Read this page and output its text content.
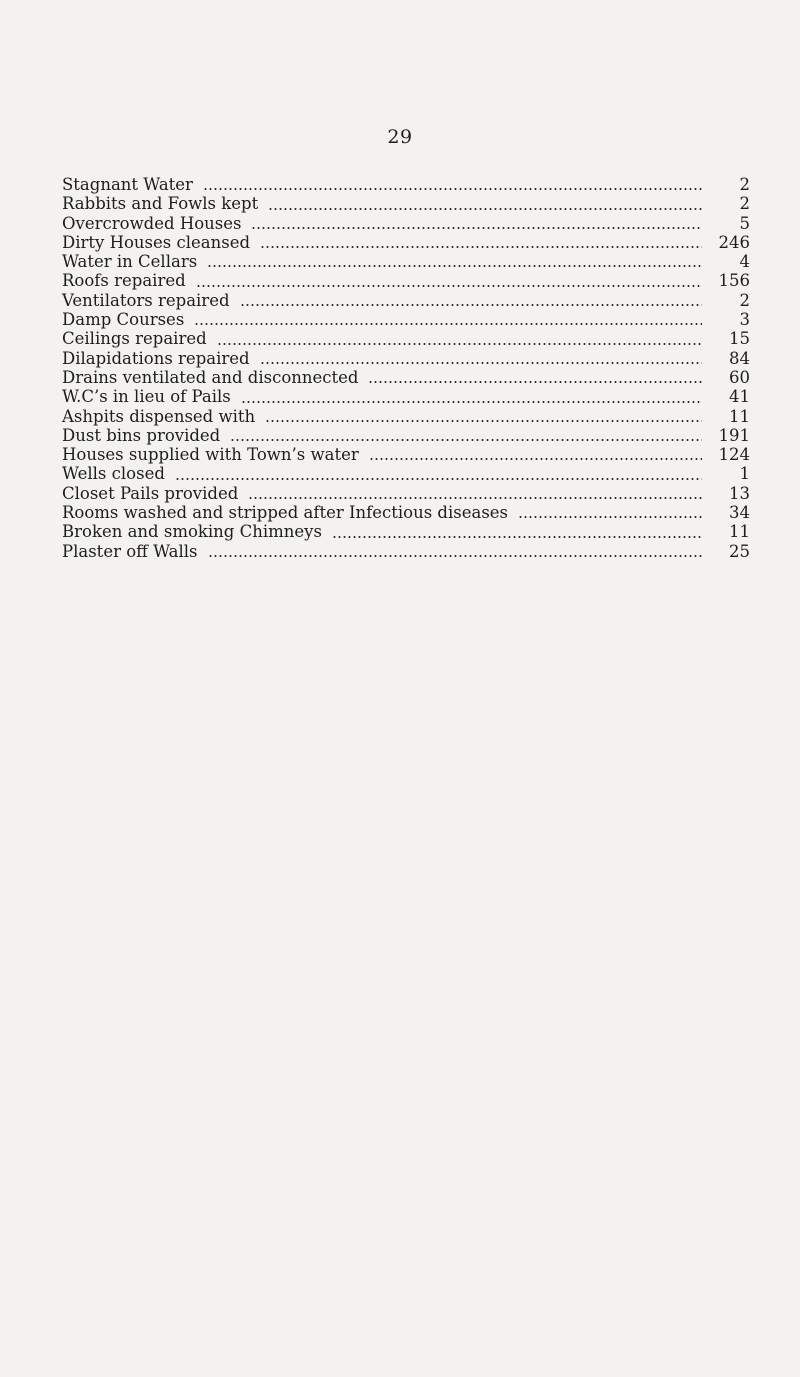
29
Stagnant Water	2
Rabbits and Fowls kept	2
Overcrowded Houses	5
Dirty Houses cleansed	246
Water in Cellars	4
Roofs repaired	156
Ventilators repaired	2
Damp Courses	3
Ceilings repaired	15
Dilapidations repaired	84
Drains ventilated and disconnected	60
W.C’s in lieu of Pails	41
Ashpits dispensed with	11
Dust bins provided	191
Houses supplied with Town’s water	124
Wells closed	1
Closet Pails provided	13
Rooms washed and stripped after Infectious diseases	34
Broken and smoking Chimneys	11
Plaster off Walls	25
